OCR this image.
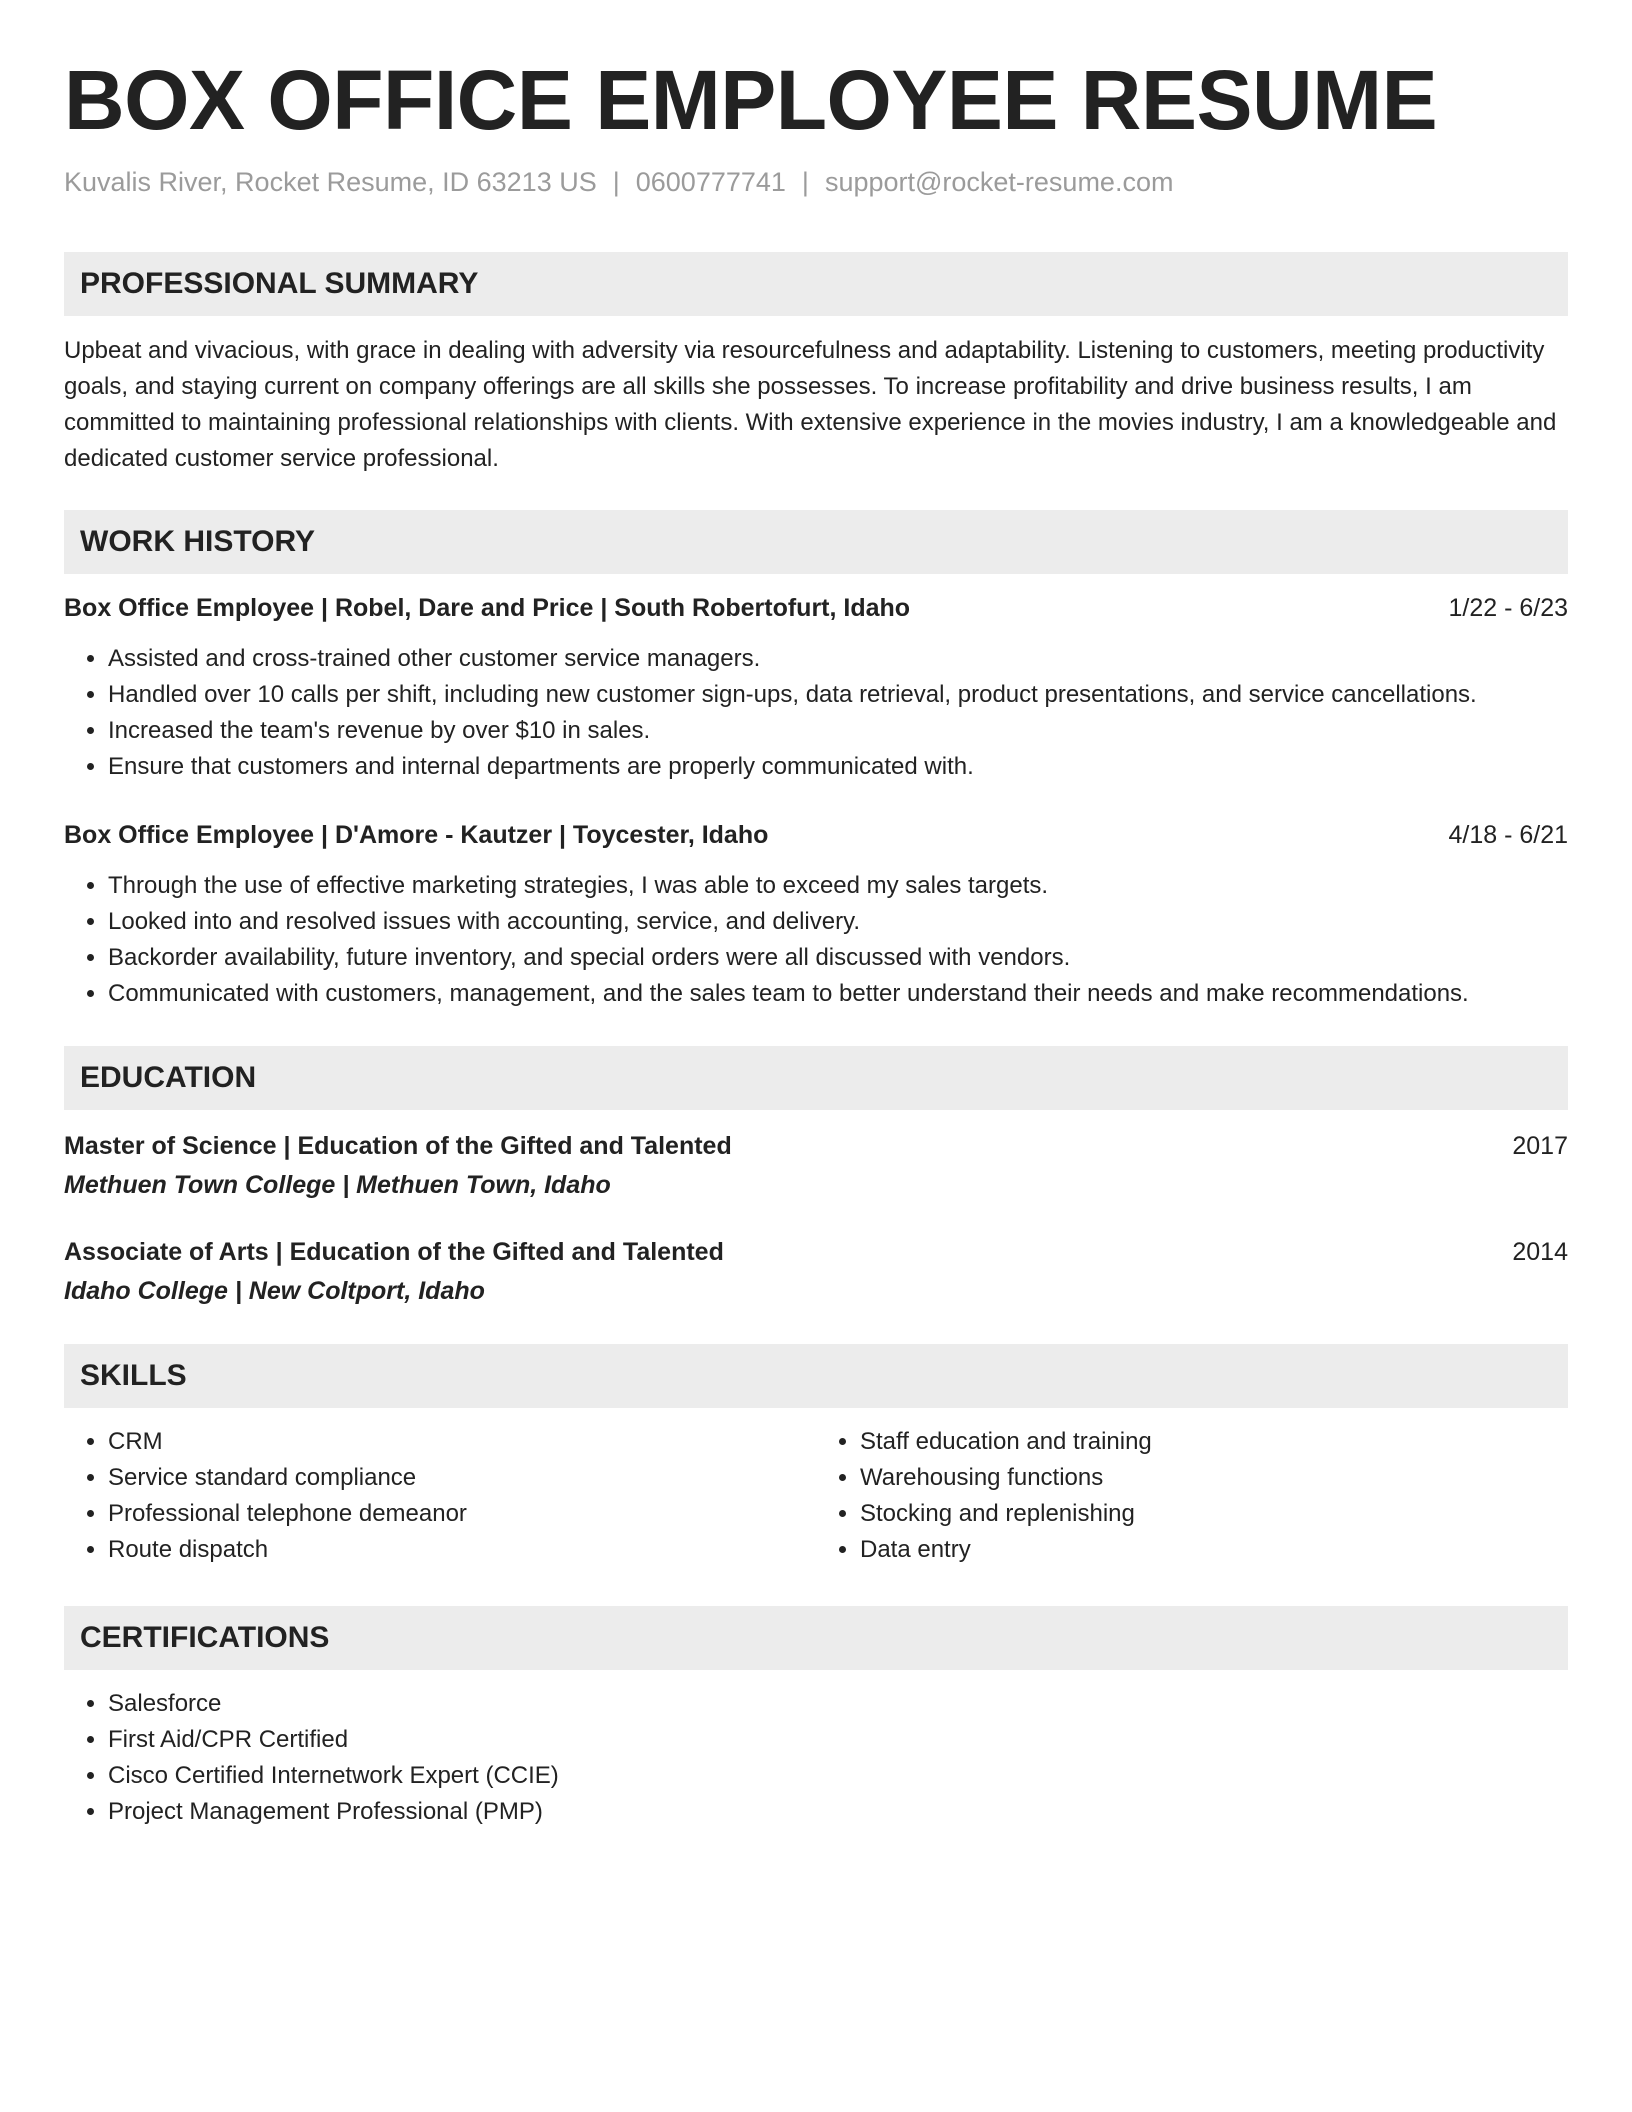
BOX OFFICE EMPLOYEE RESUME
Kuvalis River, Rocket Resume, ID 63213 US | 0600777741 | support@rocket-resume.com
PROFESSIONAL SUMMARY

Upbeat and vivacious, with grace in dealing with adversity via resourcefulness and adaptability. Listening to customers, meeting productivity goals, and staying current on company offerings are all skills she possesses. To increase profitability and drive business results, I am committed to maintaining professional relationships with clients. With extensive experience in the movies industry, I am a knowledgeable and dedicated customer service professional.

WORK HISTORY
Box Office Employee | Robel, Dare and Price | South Robertofurt, Idaho	1/22 - 6/23
• Assisted and cross-trained other customer service managers.
• Handled over 10 calls per shift, including new customer sign-ups, data retrieval, product presentations, and service cancellations.
• Increased the team's revenue by over $10 in sales.
• Ensure that customers and internal departments are properly communicated with.
Box Office Employee | D'Amore - Kautzer | Toycester, Idaho	4/18 - 6/21
• Through the use of effective marketing strategies, I was able to exceed my sales targets.
• Looked into and resolved issues with accounting, service, and delivery.
• Backorder availability, future inventory, and special orders were all discussed with vendors.
• Communicated with customers, management, and the sales team to better understand their needs and make recommendations.
EDUCATION
Master of Science | Education of the Gifted and Talented	2017
Methuen Town College | Methuen Town, Idaho
Associate of Arts | Education of the Gifted and Talented	2014
Idaho College | New Coltport, Idaho
SKILLS
• CRM
• Service standard compliance
• Professional telephone demeanor
• Route dispatch
• Staff education and training
• Warehousing functions
• Stocking and replenishing
• Data entry
CERTIFICATIONS
• Salesforce
• First Aid/CPR Certified
• Cisco Certified Internetwork Expert (CCIE)
• Project Management Professional (PMP)
